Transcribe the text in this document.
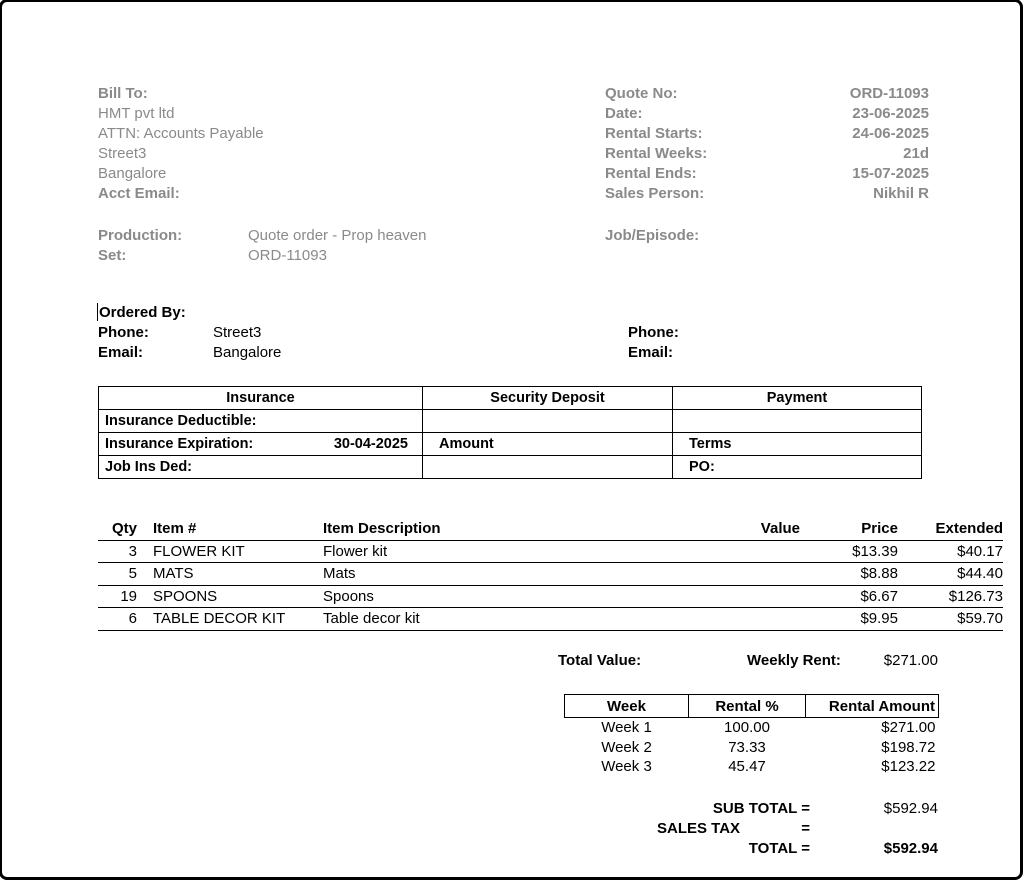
Bill To:
HMT pvt ltd
ATTN: Accounts Payable
Street3
Bangalore
Acct Email:
Quote No:	ORD-11093
Date:	23-06-2025
Rental Starts:	24-06-2025
Rental Weeks:	21d
Rental Ends:	15-07-2025
Sales Person:	Nikhil R
Production:	Quote order - Prop heaven	Job/Episode:
Set:	ORD-11093
Ordered By:
Phone:	Street3	Phone:
Email:	Bangalore	Email:
Insurance	Security Deposit	Payment
Insurance Deductible:		

Insurance Expiration: 30-04-2025	Amount	Terms
Job Ins Ded:		PO:
Qty	Item #	Item Description	Value	Price	Extended
3	FLOWER KIT	Flower kit		$13.39	$40.17
5	MATS	Mats		$8.88	$44.40
19	SPOONS	Spoons		$6.67	$126.73
6	TABLE DECOR KIT	Table decor kit		$9.95	$59.70
Total Value:	Weekly Rent:	$271.00
Week	Rental %	Rental Amount
Week 1	100.00	$271.00
Week 2	73.33	$198.72
Week 3	45.47	$123.22
SUB TOTAL =	$592.94
SALES TAX	=
TOTAL =	$592.94
